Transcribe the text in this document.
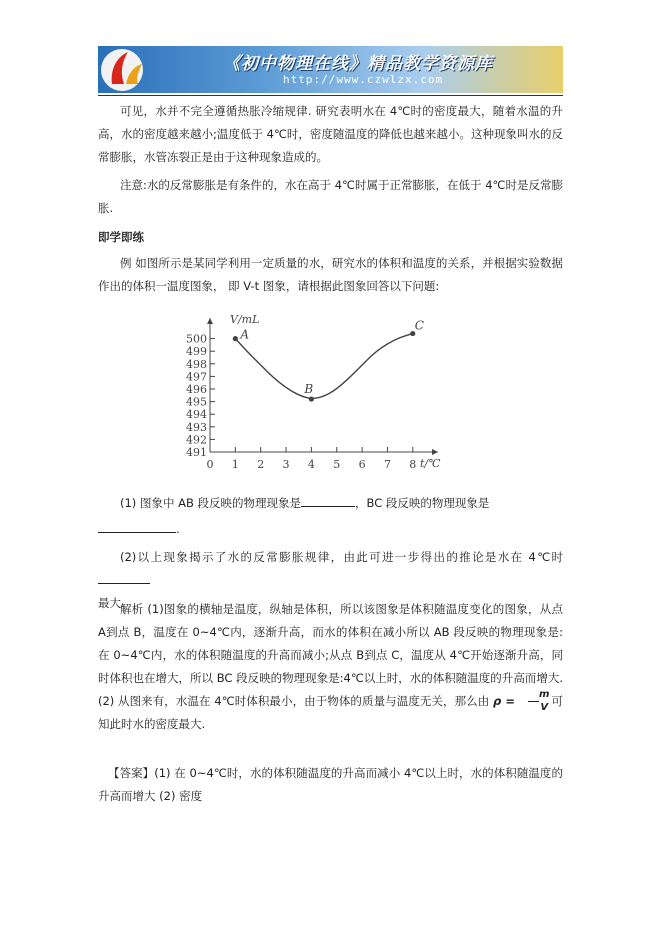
《初中物理在线》精品教学资源库
http://www.czwlzx.com

可见，水并不完全遵循热胀冷缩规律. 研究表明水在 4℃时的密度最大，随着水温的升高，水的密度越来越小;温度低于 4℃时，密度随温度的降低也越来越小。这种现象叫水的反常膨胀，水管冻裂正是由于这种现象造成的。

注意:水的反常膨胀是有条件的，水在高于 4℃时属于正常膨胀，在低于 4℃时是反常膨胀.

即学即练

例 如图所示是某同学利用一定质量的水，研究水的体积和温度的关系，并根据实验数据作出的体积一温度图象， 即 V-t 图象，请根据此图象回答以下问题:

491
492
493
494
495
496
497
498
499
500
0 1 2 3 4 5 6 7 8
A
B
C
V/mL
t/℃
(1) 图象中 AB 段反映的物理现象是	，BC 段反映的物理现象是
.
(2)以上现象揭示了水的反常膨胀规律，由此可进一步得出的推论是水在 4℃时
最大.
解析 (1)图象的横轴是温度，纵轴是体积，所以该图象是体积随温度变化的图象，从点 A到点 B，温度在 0~4℃内，逐渐升高，而水的体积在减小所以 AB 段反映的物理现象是:在 0~4℃内，水的体积随温度的升高而减小;从点 B到点 C，温度从 4℃开始逐渐升高，同时体积也在增大，所以 BC 段反映的物理现象是:4℃以上时，水的体积随温度的升高而增大. (2) 从图来有，水温在 4℃时体积最小，由于物体的质量与温度无关，那么由 $\rho = \frac{m}{V}$ 可知此时水的密度最大.

【答案】(1) 在 0~4℃时，水的体积随温度的升高而减小 4℃以上时，水的体积随温度的升高而增大 (2) 密度
